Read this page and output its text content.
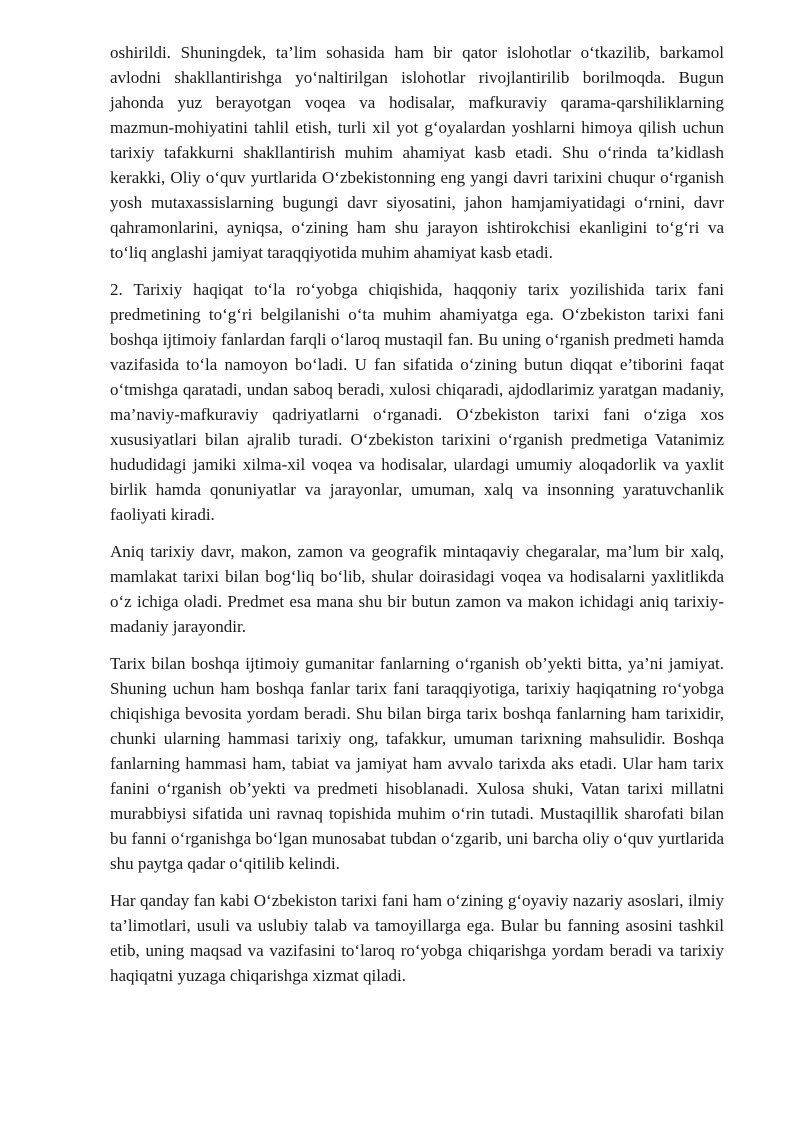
oshirildi. Shuningdek, ta’lim sohasida ham bir qator islohotlar o‘tkazilib, barkamol avlodni shakllantirishga yo‘naltirilgan islohotlar rivojlantirilib borilmoqda. Bugun jahonda yuz berayotgan voqea va hodisalar, mafkuraviy qarama-qarshiliklarning mazmun-mohiyatini tahlil etish, turli xil yot g‘oyalardan yoshlarni himoya qilish uchun tarixiy tafakkurni shakllantirish muhim ahamiyat kasb etadi. Shu o‘rinda ta’kidlash kerakki, Oliy o‘quv yurtlarida O‘zbekistonning eng yangi davri tarixini chuqur o‘rganish yosh mutaxassislarning bugungi davr siyosatini, jahon hamjamiyatidagi o‘rnini, davr qahramonlarini, ayniqsa, o‘zining ham shu jarayon ishtirokchisi ekanligini to‘g‘ri va to‘liq anglashi jamiyat taraqqiyotida muhim ahamiyat kasb etadi.

2. Tarixiy haqiqat to‘la ro‘yobga chiqishida, haqqoniy tarix yozilishida tarix fani predmetining to‘g‘ri belgilanishi o‘ta muhim ahamiyatga ega. O‘zbekiston tarixi fani boshqa ijtimoiy fanlardan farqli o‘laroq mustaqil fan. Bu uning o‘rganish predmeti hamda vazifasida to‘la namoyon bo‘ladi. U fan sifatida o‘zining butun diqqat e’tiborini faqat o‘tmishga qaratadi, undan saboq beradi, xulosi chiqaradi, ajdodlarimiz yaratgan madaniy, ma’naviy-mafkuraviy qadriyatlarni o‘rganadi. O‘zbekiston tarixi fani o‘ziga xos xususiyatlari bilan ajralib turadi. O‘zbekiston tarixini o‘rganish predmetiga Vatanimiz hududidagi jamiki xilma-xil voqea va hodisalar, ulardagi umumiy aloqadorlik va yaxlit birlik hamda qonuniyatlar va jarayonlar, umuman, xalq va insonning yaratuvchanlik faoliyati kiradi.

Aniq tarixiy davr, makon, zamon va geografik mintaqaviy chegaralar, ma’lum bir xalq, mamlakat tarixi bilan bog‘liq bo‘lib, shular doirasidagi voqea va hodisalarni yaxlitlikda o‘z ichiga oladi. Predmet esa mana shu bir butun zamon va makon ichidagi aniq tarixiy-madaniy jarayondir.

Tarix bilan boshqa ijtimoiy gumanitar fanlarning o‘rganish ob’yekti bitta, ya’ni jamiyat. Shuning uchun ham boshqa fanlar tarix fani taraqqiyotiga, tarixiy haqiqatning ro‘yobga chiqishiga bevosita yordam beradi. Shu bilan birga tarix boshqa fanlarning ham tarixidir, chunki ularning hammasi tarixiy ong, tafakkur, umuman tarixning mahsulidir. Boshqa fanlarning hammasi ham, tabiat va jamiyat ham avvalo tarixda aks etadi. Ular ham tarix fanini o‘rganish ob’yekti va predmeti hisoblanadi. Xulosa shuki, Vatan tarixi millatni murabbiysi sifatida uni ravnaq topishida muhim o‘rin tutadi. Mustaqillik sharofati bilan bu fanni o‘rganishga bo‘lgan munosabat tubdan o‘zgarib, uni barcha oliy o‘quv yurtlarida shu paytga qadar o‘qitilib kelindi.

Har qanday fan kabi O‘zbekiston tarixi fani ham o‘zining g‘oyaviy nazariy asoslari, ilmiy ta’limotlari, usuli va uslubiy talab va tamoyillarga ega. Bular bu fanning asosini tashkil etib, uning maqsad va vazifasini to‘laroq ro‘yobga chiqarishga yordam beradi va tarixiy haqiqatni yuzaga chiqarishga xizmat qiladi.
